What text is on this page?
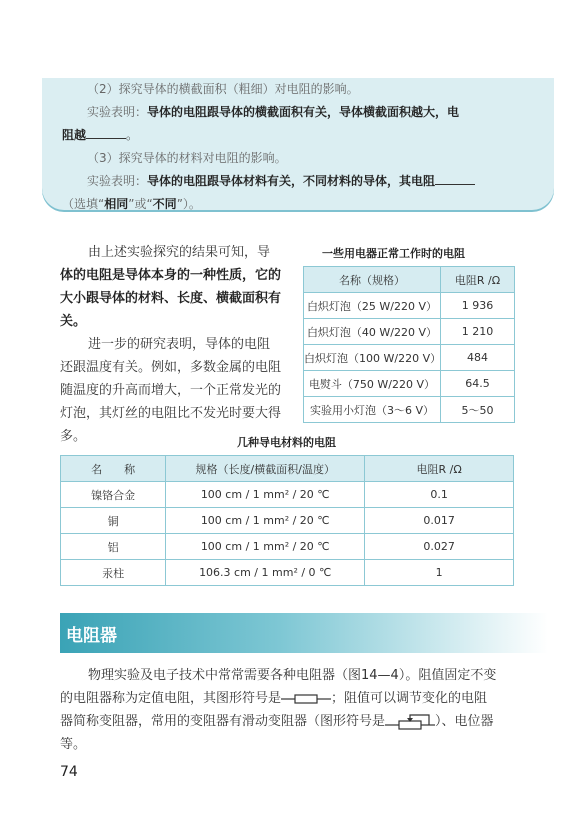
（2）探究导体的横截面积（粗细）对电阻的影响。

实验表明：导体的电阻跟导体的横截面积有关，导体横截面积越大，电

阻越	。

（3）探究导体的材料对电阻的影响。

实验表明：导体的电阻跟导体材料有关，不同材料的导体，其电阻

（选填“相同”或“不同”）。

由上述实验探究的结果可知，导

体的电阻是导体本身的一种性质，它的

大小跟导体的材料、长度、横截面积有

关。

进一步的研究表明，导体的电阻

还跟温度有关。例如，多数金属的电阻

随温度的升高而增大，一个正常发光的

灯泡，其灯丝的电阻比不发光时要大得

多。

一些用电器正常工作时的电阻

名称（规格）	电阻R /Ω
白炽灯泡（25 W/220 V）	1 936
白炽灯泡（40 W/220 V）	1 210
白炽灯泡（100 W/220 V）	484
电熨斗（750 W/220 V）	64.5
实验用小灯泡（3～6 V）	5～50

几种导电材料的电阻

名　　称	规格（长度/横截面积/温度）	电阻R /Ω
镍铬合金	100 cm / 1 mm² / 20 ℃	0.1
铜	100 cm / 1 mm² / 20 ℃	0.017
铝	100 cm / 1 mm² / 20 ℃	0.027
汞柱	106.3 cm / 1 mm² / 0 ℃	1
电阻器

物理实验及电子技术中常常需要各种电阻器（图14—4）。阻值固定不变

的电阻器称为定值电阻，其图形符号是	；阻值可以调节变化的电阻

器简称变阻器，常用的变阻器有滑动变阻器（图形符号是	）、电位器

等。

74
